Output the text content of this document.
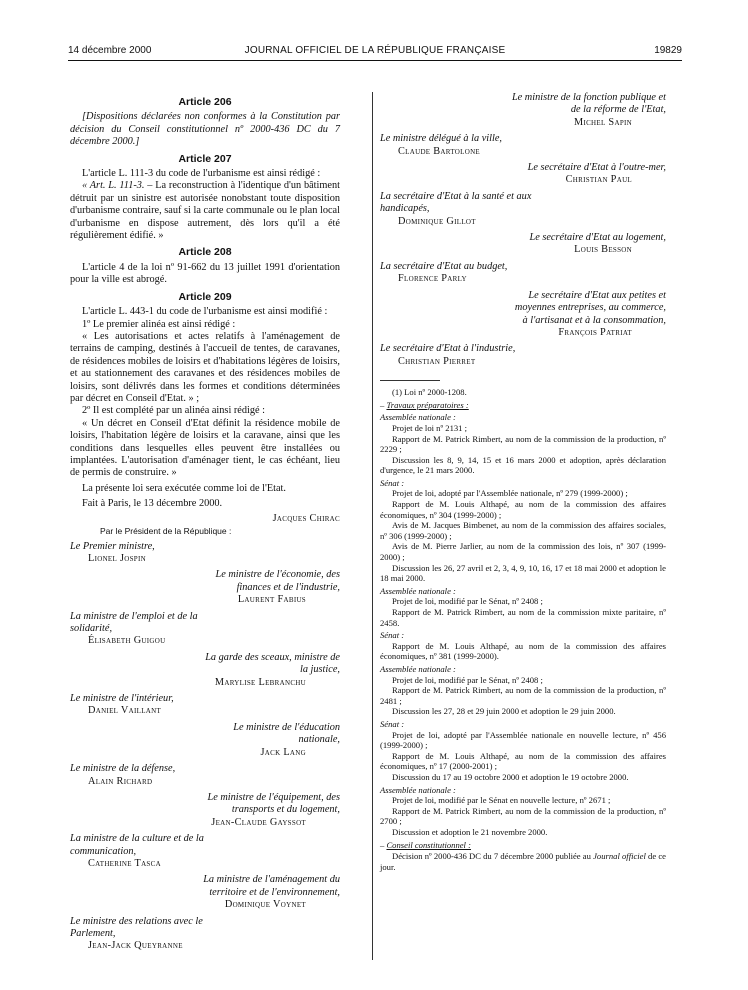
14 décembre 2000	JOURNAL OFFICIEL DE LA RÉPUBLIQUE FRANÇAISE	19829
Article 206

[Dispositions déclarées non conformes à la Constitution par décision du Conseil constitutionnel nº 2000-436 DC du 7 décembre 2000.]

Article 207

L'article L. 111-3 du code de l'urbanisme est ainsi rédigé :

« Art. L. 111-3. – La reconstruction à l'identique d'un bâtiment détruit par un sinistre est autorisée nonobstant toute disposition d'urbanisme contraire, sauf si la carte communale ou le plan local d'urbanisme en dispose autrement, dès lors qu'il a été régulièrement édifié. »

Article 208

L'article 4 de la loi nº 91-662 du 13 juillet 1991 d'orientation pour la ville est abrogé.

Article 209

L'article L. 443-1 du code de l'urbanisme est ainsi modifié :

1º Le premier alinéa est ainsi rédigé :

« Les autorisations et actes relatifs à l'aménagement de terrains de camping, destinés à l'accueil de tentes, de caravanes, de résidences mobiles de loisirs et d'habitations légères de loisirs, et au stationnement des caravanes et des résidences mobiles de loisirs, sont délivrés dans les formes et conditions déterminées par décret en Conseil d'Etat. » ;

2º Il est complété par un alinéa ainsi rédigé :

« Un décret en Conseil d'Etat définit la résidence mobile de loisirs, l'habitation légère de loisirs et la caravane, ainsi que les conditions dans lesquelles elles peuvent être installées ou implantées. L'autorisation d'aménager tient, le cas échéant, lieu de permis de construire. »

La présente loi sera exécutée comme loi de l'Etat.

Fait à Paris, le 13 décembre 2000.

Jacques Chirac
Par le Président de la République :
Le Premier ministre,
Lionel Jospin
Le ministre de l'économie, des finances et de l'industrie,
Laurent Fabius
La ministre de l'emploi et de la solidarité,
Élisabeth Guigou
La garde des sceaux, ministre de la justice,
Marylise Lebranchu
Le ministre de l'intérieur,
Daniel Vaillant
Le ministre de l'éducation nationale,
Jack Lang
Le ministre de la défense,
Alain Richard
Le ministre de l'équipement, des transports et du logement,
Jean-Claude Gayssot
La ministre de la culture et de la communication,
Catherine Tasca
La ministre de l'aménagement du territoire et de l'environnement,
Dominique Voynet
Le ministre des relations avec le Parlement,
Jean-Jack Queyranne
Le ministre de la fonction publique et de la réforme de l'Etat,
Michel Sapin
Le ministre délégué à la ville,
Claude Bartolone
Le secrétaire d'Etat à l'outre-mer,
Christian Paul
La secrétaire d'Etat à la santé et aux handicapés,
Dominique Gillot
Le secrétaire d'Etat au logement,
Louis Besson
La secrétaire d'Etat au budget,
Florence Parly
Le secrétaire d'Etat aux petites et moyennes entreprises, au commerce, à l'artisanat et à la consommation,
François Patriat
Le secrétaire d'Etat à l'industrie,
Christian Pierret

(1) Loi nº 2000-1208.

– Travaux préparatoires :
Assemblée nationale :

Projet de loi nº 2131 ;

Rapport de M. Patrick Rimbert, au nom de la commission de la production, nº 2229 ;

Discussion les 8, 9, 14, 15 et 16 mars 2000 et adoption, après déclaration d'urgence, le 21 mars 2000.

Sénat :

Projet de loi, adopté par l'Assemblée nationale, nº 279 (1999-2000) ;

Rapport de M. Louis Althapé, au nom de la commission des affaires économiques, nº 304 (1999-2000) ;

Avis de M. Jacques Bimbenet, au nom de la commission des affaires sociales, nº 306 (1999-2000) ;

Avis de M. Pierre Jarlier, au nom de la commission des lois, nº 307 (1999-2000) ;

Discussion les 26, 27 avril et 2, 3, 4, 9, 10, 16, 17 et 18 mai 2000 et adoption le 18 mai 2000.

Assemblée nationale :

Projet de loi, modifié par le Sénat, nº 2408 ;

Rapport de M. Patrick Rimbert, au nom de la commission mixte paritaire, nº 2458.

Sénat :

Rapport de M. Louis Althapé, au nom de la commission des affaires économiques, nº 381 (1999-2000).

Assemblée nationale :

Projet de loi, modifié par le Sénat, nº 2408 ;

Rapport de M. Patrick Rimbert, au nom de la commission de la production, nº 2481 ;

Discussion les 27, 28 et 29 juin 2000 et adoption le 29 juin 2000.

Sénat :

Projet de loi, adopté par l'Assemblée nationale en nouvelle lecture, nº 456 (1999-2000) ;

Rapport de M. Louis Althapé, au nom de la commission des affaires économiques, nº 17 (2000-2001) ;

Discussion du 17 au 19 octobre 2000 et adoption le 19 octobre 2000.

Assemblée nationale :

Projet de loi, modifié par le Sénat en nouvelle lecture, nº 2671 ;

Rapport de M. Patrick Rimbert, au nom de la commission de la production, nº 2700 ;

Discussion et adoption le 21 novembre 2000.

– Conseil constitutionnel :

Décision nº 2000-436 DC du 7 décembre 2000 publiée au Journal officiel de ce jour.
